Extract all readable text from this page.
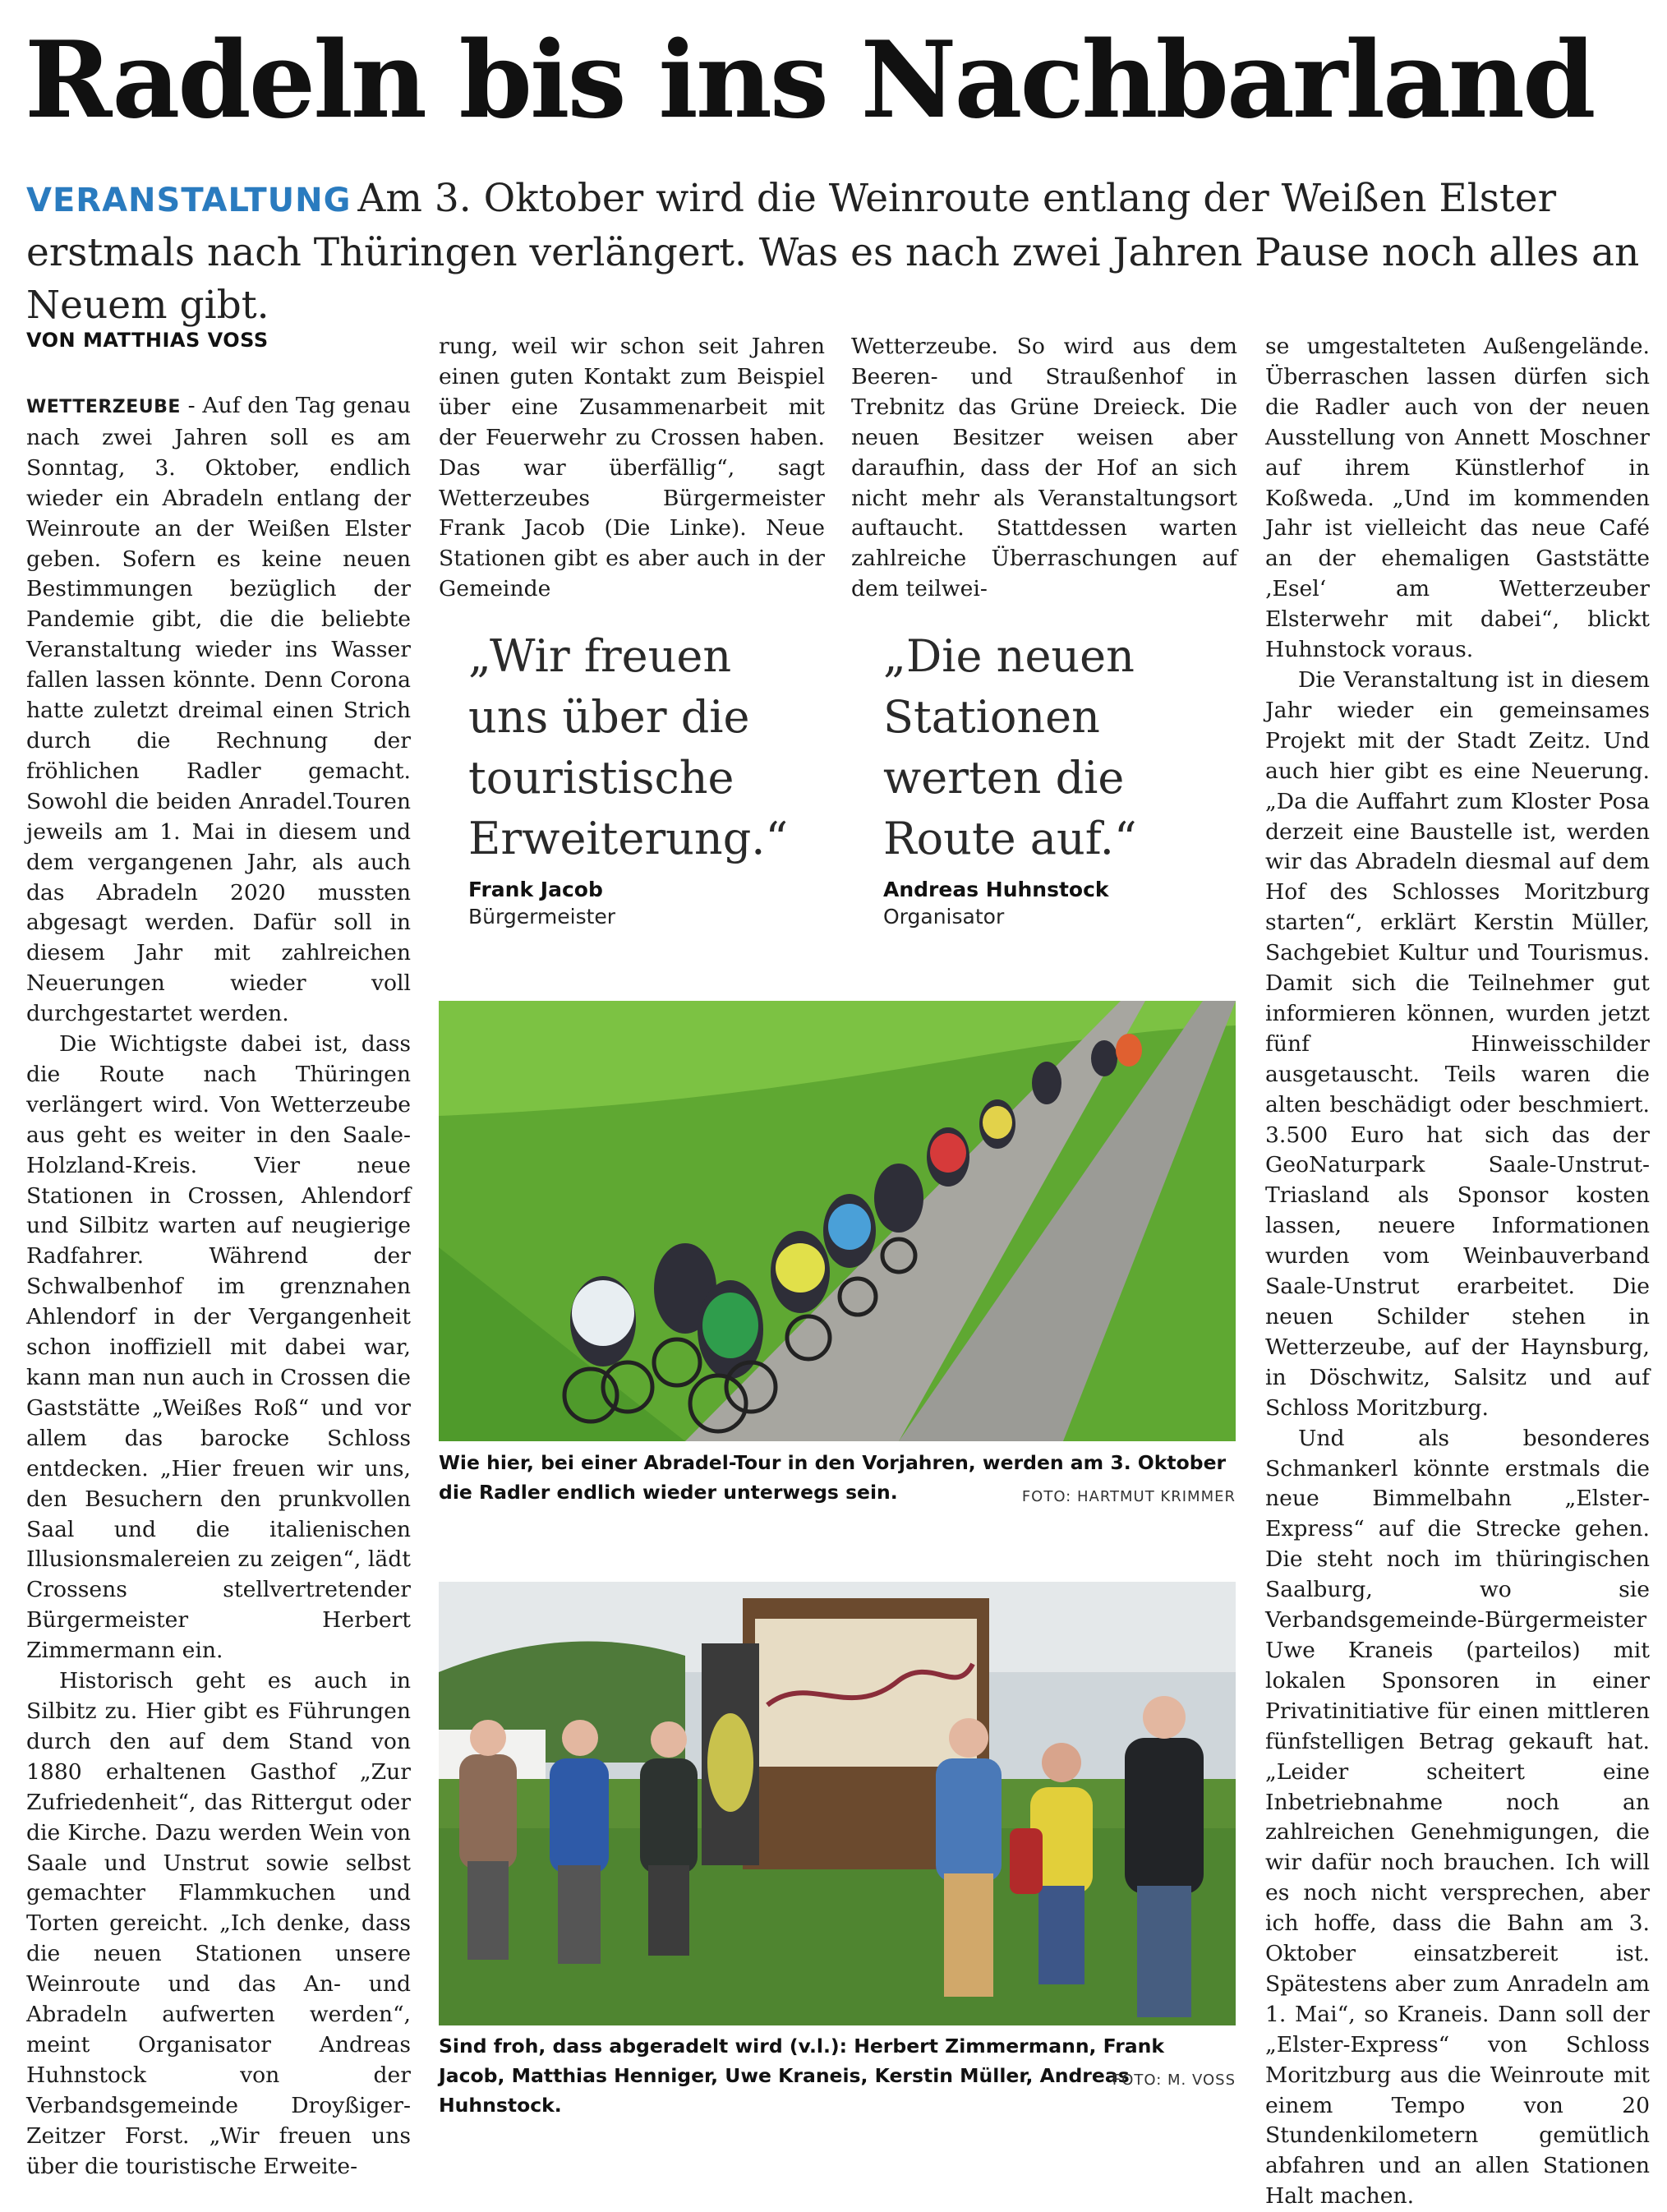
Radeln bis ins Nachbarland
VERANSTALTUNG Am 3. Oktober wird die Weinroute entlang der Weißen Elster erstmals nach Thüringen verlängert. Was es nach zwei Jahren Pause noch alles an Neuem gibt.
VON MATTHIAS VOSS

WETTERZEUBE - Auf den Tag genau nach zwei Jahren soll es am Sonntag, 3. Oktober, endlich wieder ein Abradeln entlang der Weinroute an der Weißen Elster geben. Sofern es keine neuen Bestimmungen bezüglich der Pandemie gibt, die die beliebte Veranstaltung wieder ins Wasser fallen lassen könnte. Denn Corona hatte zuletzt dreimal einen Strich durch die Rechnung der fröhlichen Radler gemacht. Sowohl die beiden Anradel.Touren jeweils am 1. Mai in diesem und dem vergangenen Jahr, als auch das Abradeln 2020 mussten abgesagt werden. Dafür soll in diesem Jahr mit zahlreichen Neuerungen wieder voll durchgestartet werden.

Die Wichtigste dabei ist, dass die Route nach Thüringen verlängert wird. Von Wetterzeube aus geht es weiter in den Saale-Holzland-Kreis. Vier neue Stationen in Crossen, Ahlendorf und Silbitz warten auf neugierige Radfahrer. Während der Schwalbenhof im grenznahen Ahlendorf in der Vergangenheit schon inoffiziell mit dabei war, kann man nun auch in Crossen die Gaststätte „Weißes Roß“ und vor allem das barocke Schloss entdecken. „Hier freuen wir uns, den Besuchern den prunkvollen Saal und die italienischen Illusionsmalereien zu zeigen“, lädt Crossens stellvertretender Bürgermeister Herbert Zimmermann ein.

Historisch geht es auch in Silbitz zu. Hier gibt es Führungen durch den auf dem Stand von 1880 erhaltenen Gasthof „Zur Zufriedenheit“, das Rittergut oder die Kirche. Dazu werden Wein von Saale und Unstrut sowie selbst gemachter Flammkuchen und Torten gereicht. „Ich denke, dass die neuen Stationen unsere Weinroute und das An- und Abradeln aufwerten werden“, meint Organisator Andreas Huhnstock von der Verbandsgemeinde Droyßiger-Zeitzer Forst. „Wir freuen uns über die touristische Erweite-

rung, weil wir schon seit Jahren einen guten Kontakt zum Beispiel über eine Zusammenarbeit mit der Feuerwehr zu Crossen haben. Das war überfällig“, sagt Wetterzeubes Bürgermeister Frank Jacob (Die Linke). Neue Stationen gibt es aber auch in der Gemeinde

Wetterzeube. So wird aus dem Beeren- und Straußenhof in Trebnitz das Grüne Dreieck. Die neuen Besitzer weisen aber daraufhin, dass der Hof an sich nicht mehr als Veranstaltungsort auftaucht. Stattdessen warten zahlreiche Überraschungen auf dem teilwei-

se umgestalteten Außengelände. Überraschen lassen dürfen sich die Radler auch von der neuen Ausstellung von Annett Moschner auf ihrem Künstlerhof in Koßweda. „Und im kommenden Jahr ist vielleicht das neue Café an der ehemaligen Gaststätte ‚Esel‘ am Wetterzeuber Elsterwehr mit dabei“, blickt Huhnstock voraus.

Die Veranstaltung ist in diesem Jahr wieder ein gemeinsames Projekt mit der Stadt Zeitz. Und auch hier gibt es eine Neuerung. „Da die Auffahrt zum Kloster Posa derzeit eine Baustelle ist, werden wir das Abradeln diesmal auf dem Hof des Schlosses Moritzburg starten“, erklärt Kerstin Müller, Sachgebiet Kultur und Tourismus. Damit sich die Teilnehmer gut informieren können, wurden jetzt fünf Hinweisschilder ausgetauscht. Teils waren die alten beschädigt oder beschmiert. 3.500 Euro hat sich das der GeoNaturpark Saale-Unstrut-Triasland als Sponsor kosten lassen, neuere Informationen wurden vom Weinbauverband Saale-Unstrut erarbeitet. Die neuen Schilder stehen in Wetterzeube, auf der Haynsburg, in Döschwitz, Salsitz und auf Schloss Moritzburg.

Und als besonderes Schmankerl könnte erstmals die neue Bimmelbahn „Elster-Express“ auf die Strecke gehen. Die steht noch im thüringischen Saalburg, wo sie Verbandsgemeinde-Bürgermeister Uwe Kraneis (parteilos) mit lokalen Sponsoren in einer Privatinitiative für einen mittleren fünfstelligen Betrag gekauft hat. „Leider scheitert eine Inbetriebnahme noch an zahlreichen Genehmigungen, die wir dafür noch brauchen. Ich will es noch nicht versprechen, aber ich hoffe, dass die Bahn am 3. Oktober einsatzbereit ist. Spätestens aber zum Anradeln am 1. Mai“, so Kraneis. Dann soll der „Elster-Express“ von Schloss Moritzburg aus die Weinroute mit einem Tempo von 20 Stundenkilometern gemütlich abfahren und an allen Stationen Halt machen.

„Wir freuen uns über die touristische Erweiterung.“
Frank Jacob
Bürgermeister
„Die neuen Stationen werten die Route auf.“
Andreas Huhnstock
Organisator
Wie hier, bei einer Abradel-Tour in den Vorjahren, werden am 3. Oktober die Radler endlich wieder unterwegs sein.	FOTO: HARTMUT KRIMMER
Sind froh, dass abgeradelt wird (v.l.): Herbert Zimmermann, Frank Jacob, Matthias Henniger, Uwe Kraneis, Kerstin Müller, Andreas Huhnstock.
FOTO: M. VOSS
